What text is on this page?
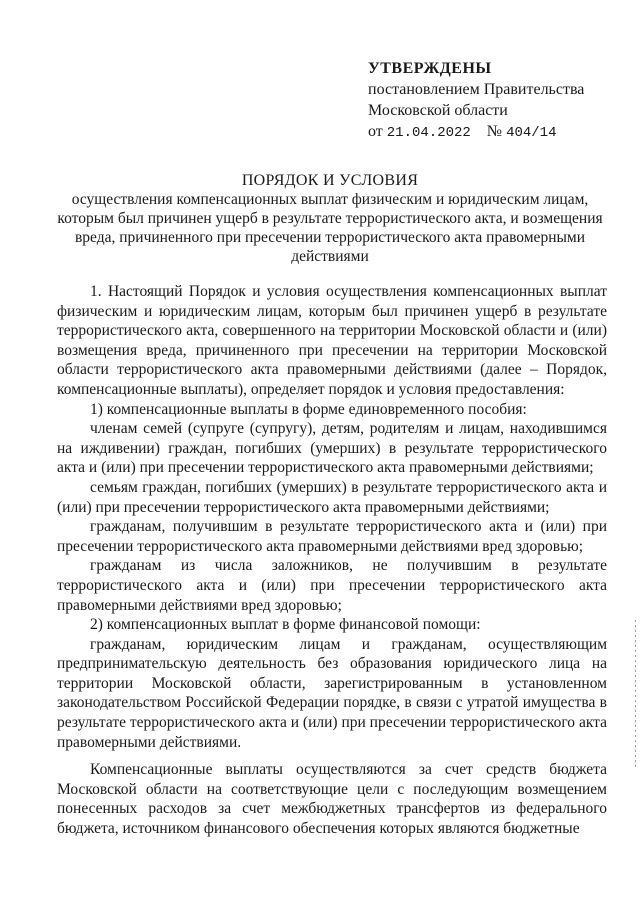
УТВЕРЖДЕНЫ
постановлением Правительства
Московской области
от 21.04.2022 № 404/14
ПОРЯДОК И УСЛОВИЯ
осуществления компенсационных выплат физическим и юридическим лицам,
которым был причинен ущерб в результате террористического акта, и возмещения
вреда, причиненного при пресечении террористического акта правомерными
действиями

1. Настоящий Порядок и условия осуществления компенсационных выплат физическим и юридическим лицам, которым был причинен ущерб в результате террористического акта, совершенного на территории Московской области и (или) возмещения вреда, причиненного при пресечении на территории Московской области террористического акта правомерными действиями (далее – Порядок, компенсационные выплаты), определяет порядок и условия предоставления:

1) компенсационные выплаты в форме единовременного пособия:

членам семей (супруге (супругу), детям, родителям и лицам, находившимся на иждивении) граждан, погибших (умерших) в результате террористического акта и (или) при пресечении террористического акта правомерными действиями;

семьям граждан, погибших (умерших) в результате террористического акта и (или) при пресечении террористического акта правомерными действиями;

гражданам, получившим в результате террористического акта и (или) при пресечении террористического акта правомерными действиями вред здоровью;

гражданам из числа заложников, не получившим в результате террористического акта и (или) при пресечении террористического акта правомерными действиями вред здоровью;

2) компенсационных выплат в форме финансовой помощи:

гражданам, юридическим лицам и гражданам, осуществляющим предпринимательскую деятельность без образования юридического лица на территории Московской области, зарегистрированным в установленном законодательством Российской Федерации порядке, в связи с утратой имущества в результате террористического акта и (или) при пресечении террористического акта правомерными действиями.

Компенсационные выплаты осуществляются за счет средств бюджета Московской области на соответствующие цели с последующим возмещением понесенных расходов за счет межбюджетных трансфертов из федерального бюджета, источником финансового обеспечения которых являются бюджетные
